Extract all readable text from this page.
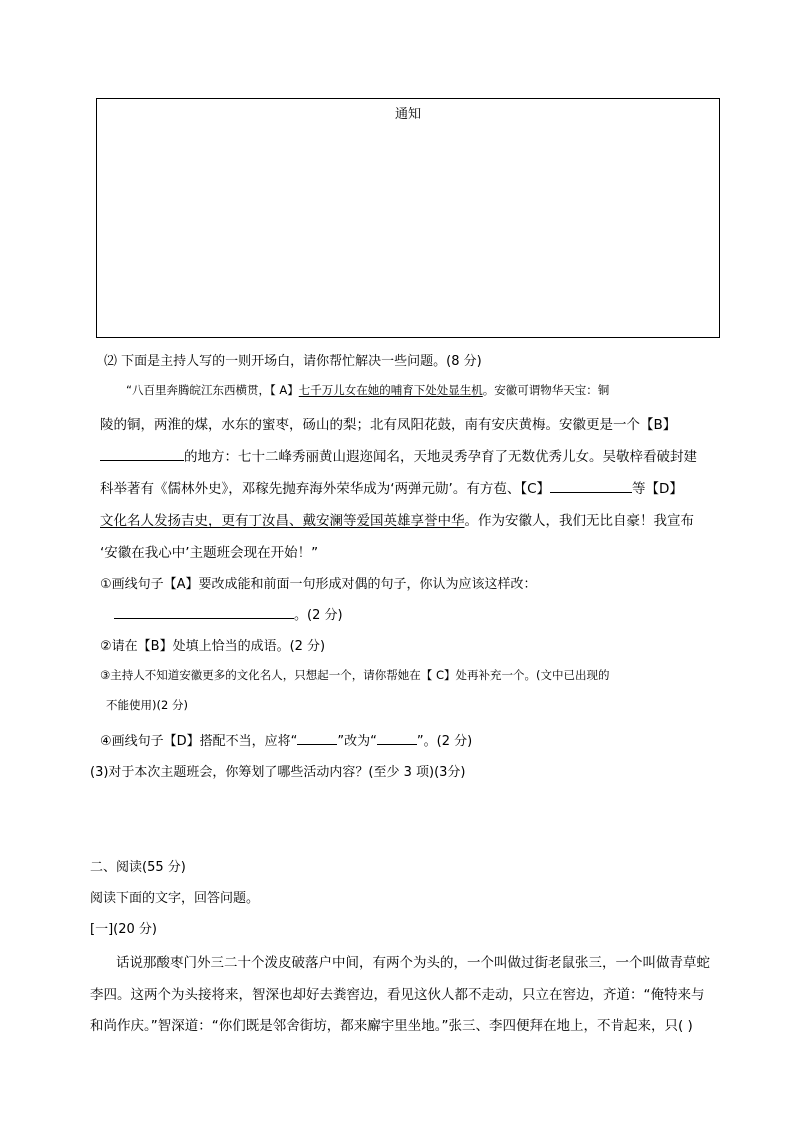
通知
⑵ 下面是主持人写的一则开场白，请你帮忙解决一些问题。(8 分)
“八百里奔腾皖江东西横贯，【 A】七千万儿女在她的哺育下处处显生机。安徽可谓物华天宝：铜
陵的铜，两淮的煤，水东的蜜枣，砀山的梨；北有凤阳花鼓，南有安庆黄梅。安徽更是一个【B】
的地方：七十二峰秀丽黄山遐迩闻名，天地灵秀孕育了无数优秀儿女。吴敬梓看破封建
科举著有《儒林外史》，邓稼先抛弃海外荣华成为‘两弹元勋’。有方苞、【C】	等【D】
文化名人发扬吉史，更有丁汝昌、戴安澜等爱国英雄享誉中华。作为安徽人，我们无比自豪！我宣布
‘安徽在我心中’主题班会现在开始！”
①画线句子【A】要改成能和前面一句形成对偶的句子，你认为应该这样改：
。(2 分)
②请在【B】处填上恰当的成语。(2 分)
③主持人不知道安徽更多的文化名人，只想起一个，请你帮她在【 C】处再补充一个。(文中已出现的
不能使用)(2 分)
④画线句子【D】搭配不当，应将“	”改为“	”。(2 分)
(3)对于本次主题班会，你筹划了哪些活动内容？(至少 3 项)(3分)
二、阅读(55 分)
阅读下面的文字，回答问题。
[一](20 分)
话说那酸枣门外三二十个泼皮破落户中间，有两个为头的，一个叫做过街老鼠张三，一个叫做青草蛇
李四。这两个为头接将来，智深也却好去粪窖边，看见这伙人都不走动，只立在窖边，齐道：“俺特来与
和尚作庆。”智深道：“你们既是邻舍街坊，都来廨宇里坐地。”张三、李四便拜在地上，不肯起来，只( )
